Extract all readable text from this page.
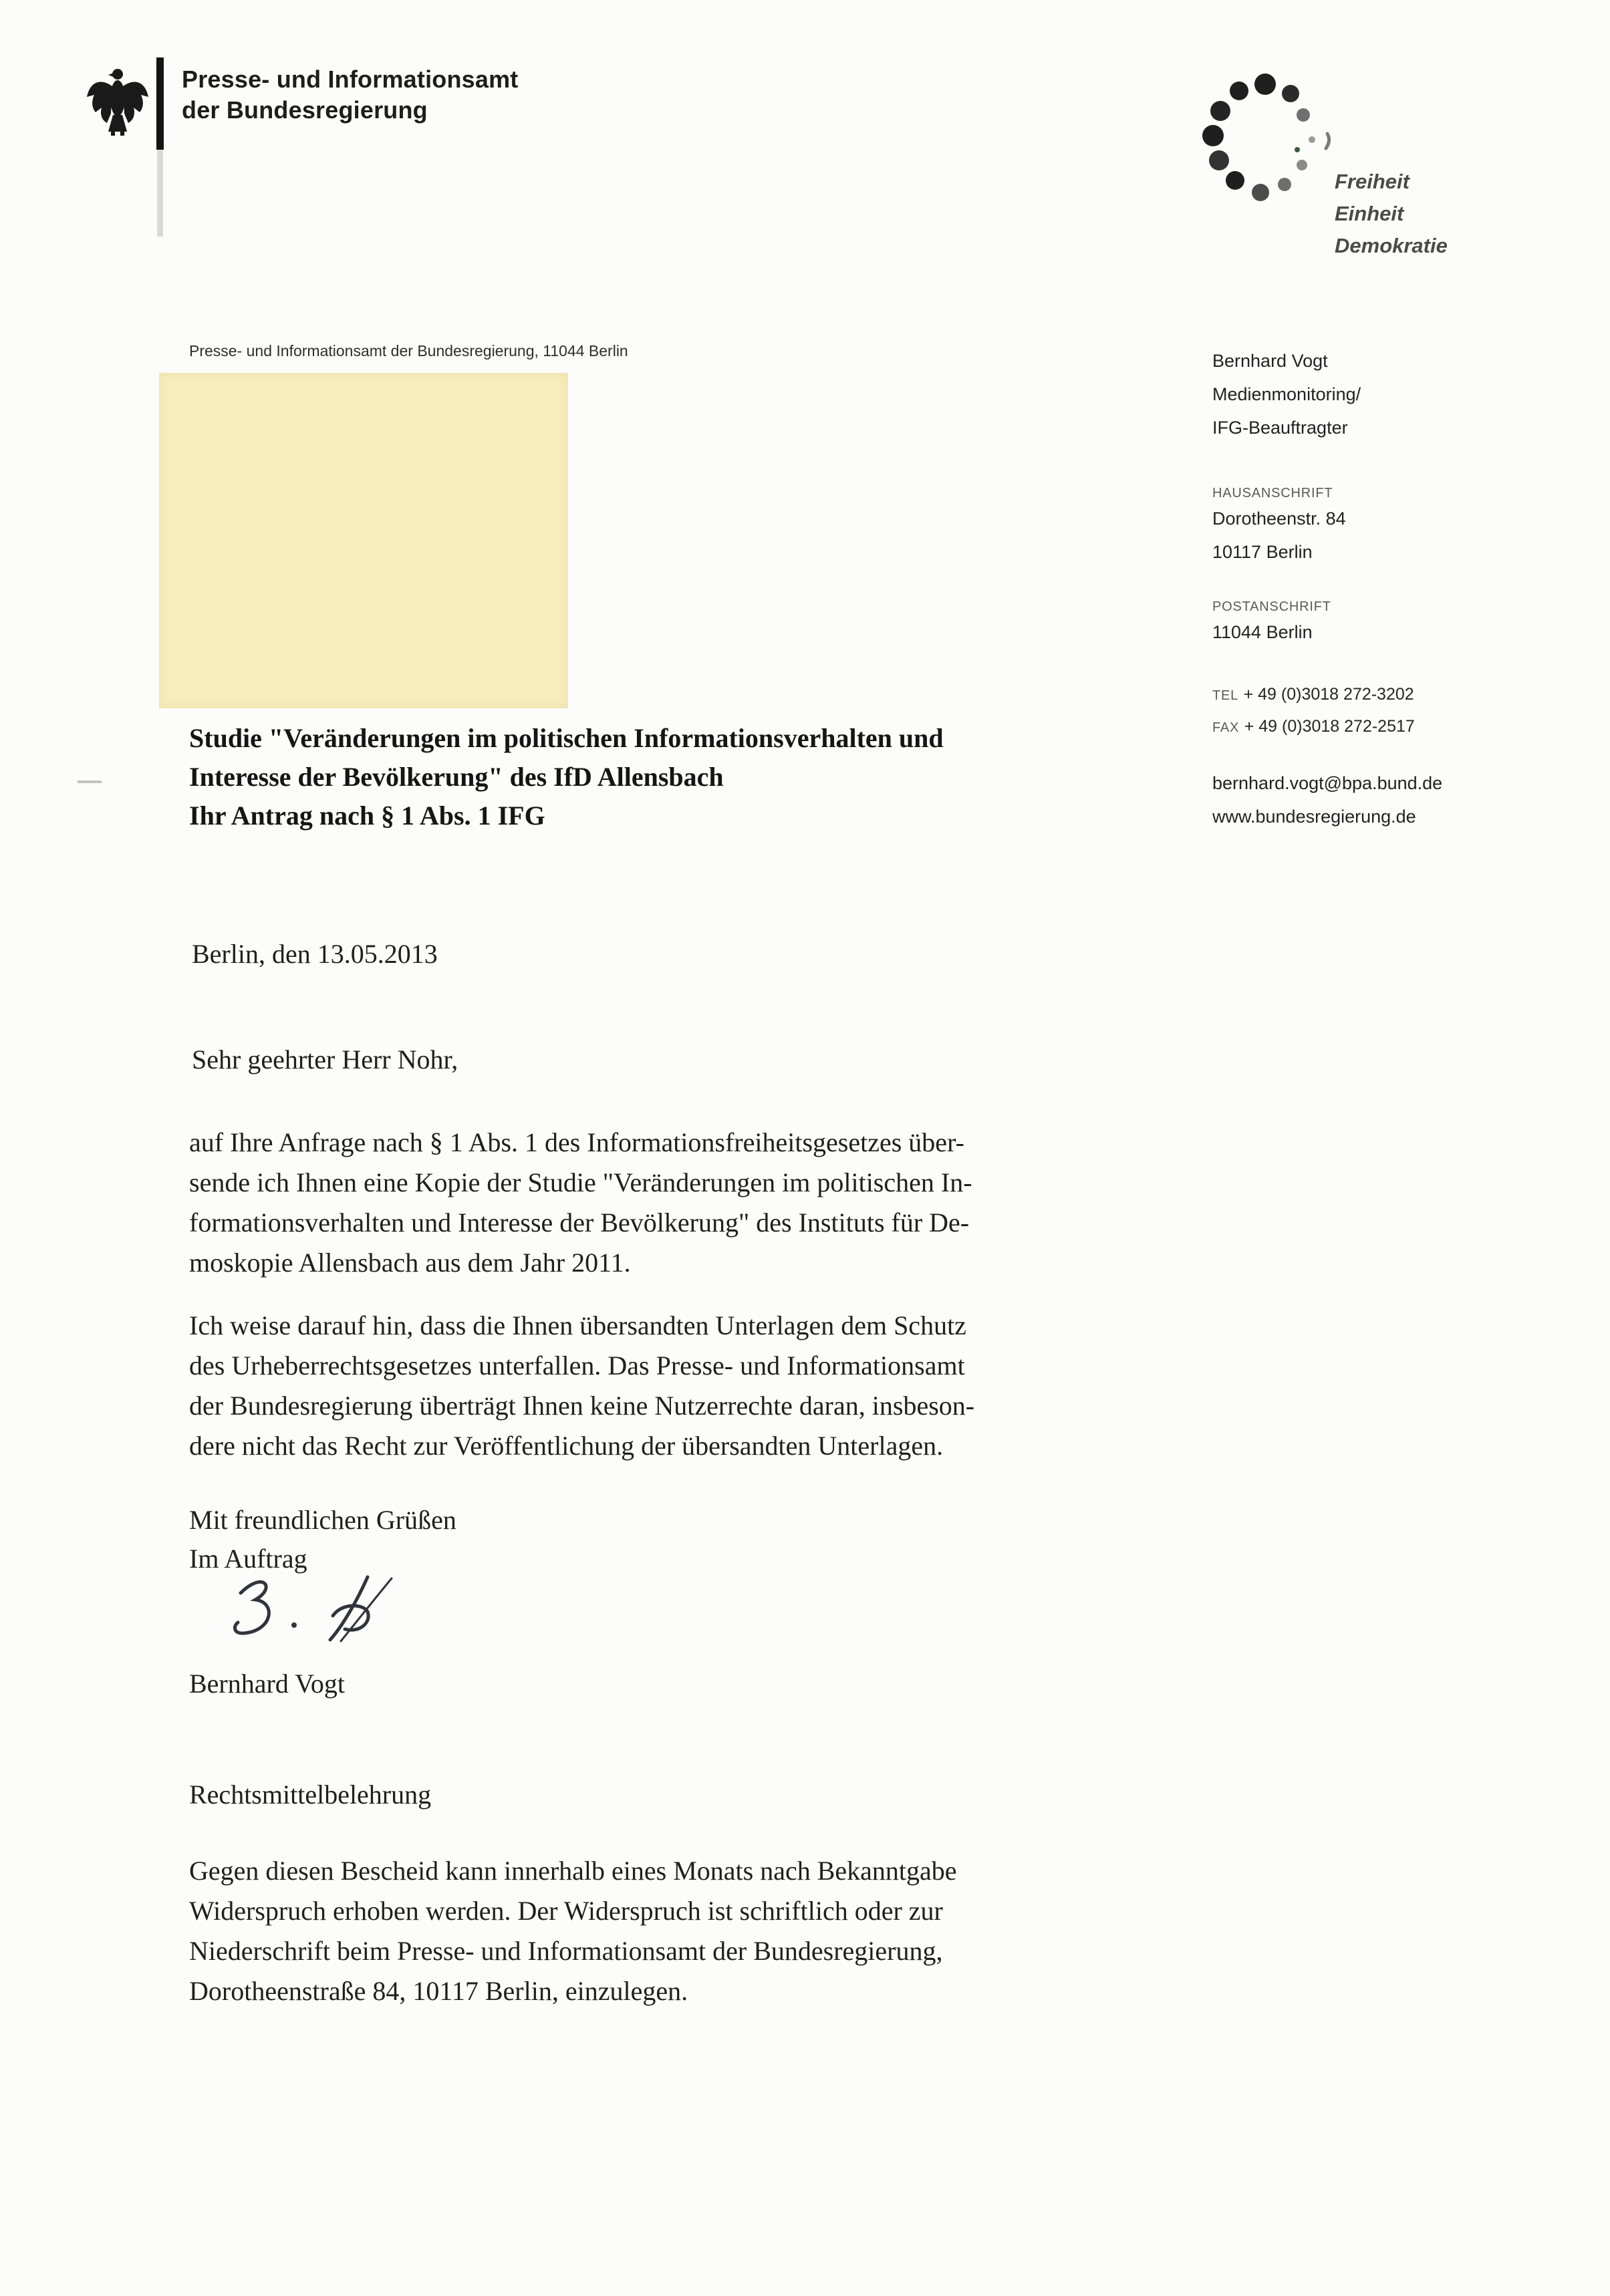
Presse- und Informationsamt
der Bundesregierung
Freiheit
Einheit
Demokratie
Presse- und Informationsamt der Bundesregierung, 11044 Berlin	Bernhard Vogt
Medienmonitoring/
IFG-Beauftragter
HAUSANSCHRIFT
Dorotheenstr. 84
10117 Berlin
POSTANSCHRIFT
11044 Berlin
TEL + 49 (0)3018 272-3202
FAX + 49 (0)3018 272-2517
bernhard.vogt@bpa.bund.de
www.bundesregierung.de
Studie "Veränderungen im politischen Informationsverhalten und
Interesse der Bevölkerung" des IfD Allensbach
Ihr Antrag nach § 1 Abs. 1 IFG
Berlin, den 13.05.2013
Sehr geehrter Herr Nohr,
auf Ihre Anfrage nach § 1 Abs. 1 des Informationsfreiheitsgesetzes über-
sende ich Ihnen eine Kopie der Studie "Veränderungen im politischen In-
formationsverhalten und Interesse der Bevölkerung" des Instituts für De-
moskopie Allensbach aus dem Jahr 2011.
Ich weise darauf hin, dass die Ihnen übersandten Unterlagen dem Schutz
des Urheberrechtsgesetzes unterfallen. Das Presse- und Informationsamt
der Bundesregierung überträgt Ihnen keine Nutzerrechte daran, insbeson-
dere nicht das Recht zur Veröffentlichung der übersandten Unterlagen.
Mit freundlichen Grüßen
Im Auftrag
Bernhard Vogt
Rechtsmittelbelehrung
Gegen diesen Bescheid kann innerhalb eines Monats nach Bekanntgabe
Widerspruch erhoben werden. Der Widerspruch ist schriftlich oder zur
Niederschrift beim Presse- und Informationsamt der Bundesregierung,
Dorotheenstraße 84, 10117 Berlin, einzulegen.
